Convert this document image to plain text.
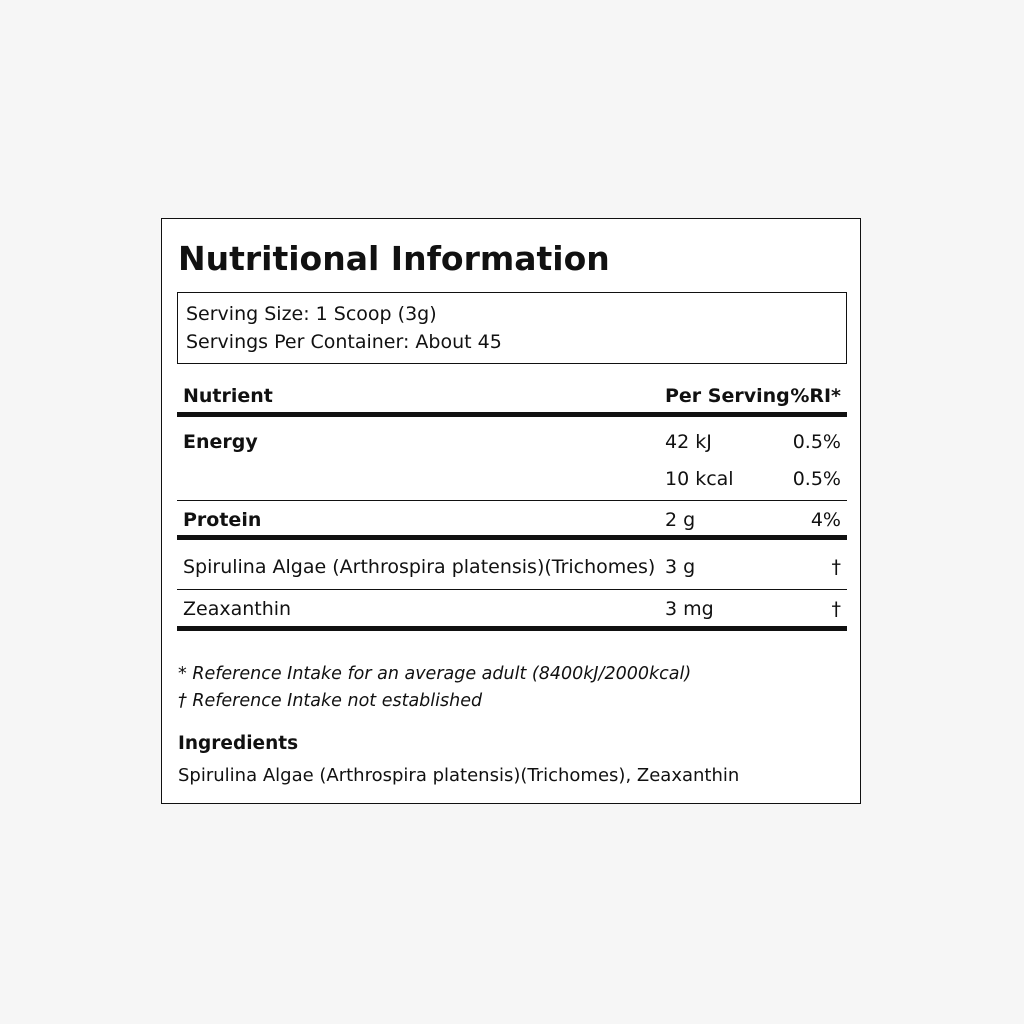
Nutritional Information
Serving Size: 1 Scoop (3g)
Servings Per Container: About 45
Nutrient	Per Serving %RI*
Energy	42 kJ	0.5%
10 kcal	0.5%
Protein	2 g	4%
Spirulina Algae (Arthrospira platensis)(Trichomes) 3 g	†
Zeaxanthin	3 mg	†
* Reference Intake for an average adult (8400kJ/2000kcal)
† Reference Intake not established
Ingredients
Spirulina Algae (Arthrospira platensis)(Trichomes), Zeaxanthin
